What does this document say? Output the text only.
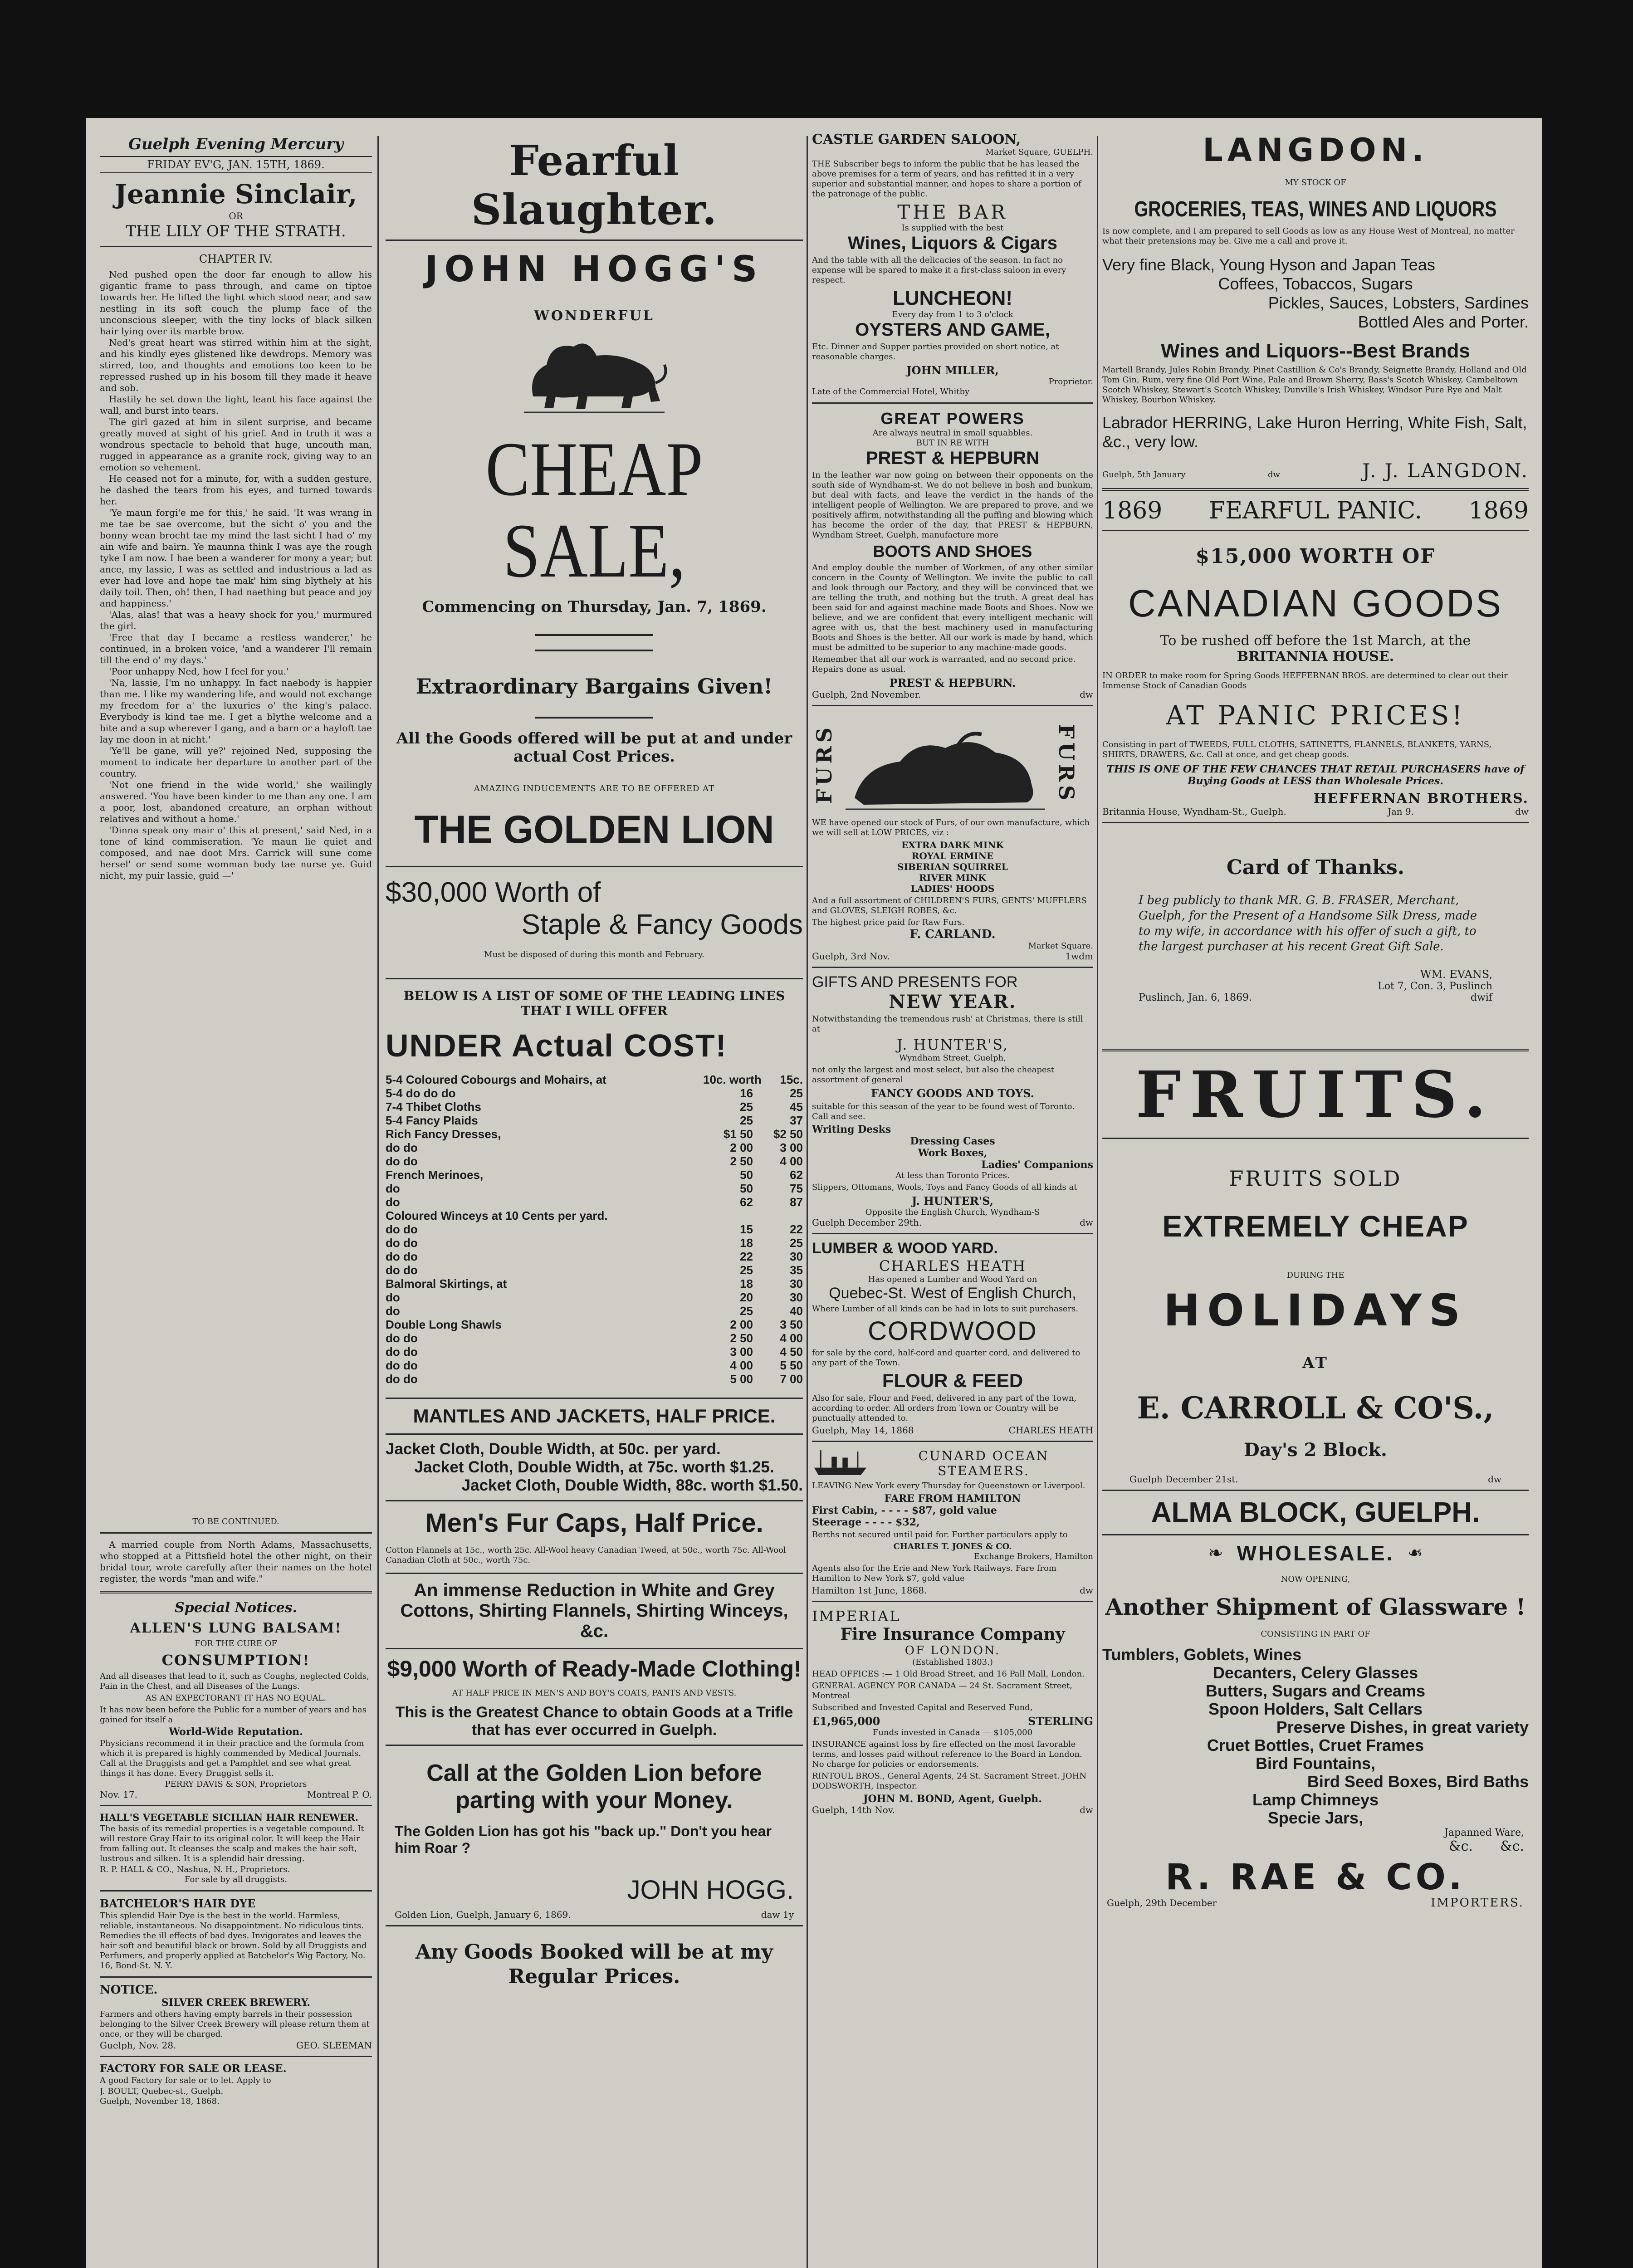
Guelph Evening Mercury
FRIDAY EV'G, JAN. 15TH, 1869.
Jeannie Sinclair,
OR
THE LILY OF THE STRATH.
CHAPTER IV.

Ned pushed open the door far enough to allow his gigantic frame to pass through, and came on tiptoe towards her. He lifted the light which stood near, and saw nestling in its soft couch the plump face of the unconscious sleeper, with the tiny locks of black silken hair lying over its marble brow.

Ned's great heart was stirred within him at the sight, and his kindly eyes glistened like dewdrops. Memory was stirred, too, and thoughts and emotions too keen to be repressed rushed up in his bosom till they made it heave and sob.

Hastily he set down the light, leant his face against the wall, and burst into tears.

The girl gazed at him in silent surprise, and became greatly moved at sight of his grief. And in truth it was a wondrous spectacle to behold that huge, uncouth man, rugged in appearance as a granite rock, giving way to an emotion so vehement.

He ceased not for a minute, for, with a sudden gesture, he dashed the tears from his eyes, and turned towards her.

'Ye maun forgi'e me for this,' he said. 'It was wrang in me tae be sae overcome, but the sicht o' you and the bonny wean brocht tae my mind the last sicht I had o' my ain wife and bairn. Ye maunna think I was aye the rough tyke I am now. I hae been a wanderer for mony a year; but ance, my lassie, I was as settled and industrious a lad as ever had love and hope tae mak' him sing blythely at his daily toil. Then, oh! then, I had naething but peace and joy and happiness.'

'Alas, alas! that was a heavy shock for you,' murmured the girl.

'Free that day I became a restless wanderer,' he continued, in a broken voice, 'and a wanderer I'll remain till the end o' my days.'

'Poor unhappy Ned, how I feel for you.'

'Na, lassie, I'm no unhappy. In fact naebody is happier than me. I like my wandering life, and would not exchange my freedom for a' the luxuries o' the king's palace. Everybody is kind tae me. I get a blythe welcome and a bite and a sup wherever I gang, and a barn or a hayloft tae lay me doon in at nicht.'

'Ye'll be gane, will ye?' rejoined Ned, supposing the moment to indicate her departure to another part of the country.

'Not one friend in the wide world,' she wailingly answered. 'You have been kinder to me than any one. I am a poor, lost, abandoned creature, an orphan without relatives and without a home.'

'Dinna speak ony mair o' this at present,' said Ned, in a tone of kind commiseration. 'Ye maun lie quiet and composed, and nae doot Mrs. Carrick will sune come hersel' or send some womman body tae nurse ye. Guid nicht, my puir lassie, guid —'

TO BE CONTINUED.

A married couple from North Adams, Massachusetts, who stopped at a Pittsfield hotel the other night, on their bridal tour, wrote carefully after their names on the hotel register, the words "man and wife."

Special Notices.
ALLEN'S LUNG BALSAM!
FOR THE CURE OF
CONSUMPTION!

And all diseases that lead to it, such as Coughs, neglected Colds, Pain in the Chest, and all Diseases of the Lungs.

AS AN EXPECTORANT IT HAS NO EQUAL.

It has now been before the Public for a number of years and has gained for itself a

World-Wide Reputation.

Physicians recommend it in their practice and the formula from which it is prepared is highly commended by Medical Journals. Call at the Druggists and get a Pamphlet and see what great things it has done. Every Druggist sells it.

PERRY DAVIS & SON, Proprietors
Nov. 17.	Montreal P. O.
HALL'S VEGETABLE SICILIAN HAIR RENEWER.

The basis of its remedial properties is a vegetable compound. It will restore Gray Hair to its original color. It will keep the Hair from falling out. It cleanses the scalp and makes the hair soft, lustrous and silken. It is a splendid hair dressing.

R. P. HALL & CO., Nashua, N. H., Proprietors.
For sale by all druggists.
BATCHELOR'S HAIR DYE

This splendid Hair Dye is the best in the world. Harmless, reliable, instantaneous. No disappointment. No ridiculous tints. Remedies the ill effects of bad dyes. Invigorates and leaves the hair soft and beautiful black or brown. Sold by all Druggists and Perfumers, and properly applied at Batchelor's Wig Factory, No. 16, Bond-St. N. Y.

NOTICE.
SILVER CREEK BREWERY.

Farmers and others having empty barrels in their possession belonging to the Silver Creek Brewery will please return them at once, or they will be charged.

Guelph, Nov. 28.	GEO. SLEEMAN
FACTORY FOR SALE OR LEASE.

A good Factory for sale or to let. Apply to

J. BOULT, Quebec-st., Guelph.
Guelph, November 18, 1868.
Fearful Slaughter.
JOHN HOGG'S
WONDERFUL
CHEAP SALE,
Commencing on Thursday, Jan. 7, 1869.
Extraordinary Bargains Given!
All the Goods offered will be put at and under actual Cost Prices.
AMAZING INDUCEMENTS ARE TO BE OFFERED AT
THE GOLDEN LION
$30,000 Worth of
Staple & Fancy Goods
Must be disposed of during this month and February.
BELOW IS A LIST OF SOME OF THE LEADING LINES THAT I WILL OFFER
UNDER Actual COST!
5-4 Coloured Cobourgs and Mohairs, at	10c. worth	15c.
5-4 do do do	16	25
7-4 Thibet Cloths	25	45
5-4 Fancy Plaids	25	37
Rich Fancy Dresses,	$1 50	$2 50
do do	2 00	3 00
do do	2 50	4 00
French Merinoes,	50	62
do	50	75
do	62	87
Coloured Winceys at 10 Cents per yard.
do do	15	22
do do	18	25
do do	22	30
do do	25	35
Balmoral Skirtings, at	18	30
do	20	30
do	25	40
Double Long Shawls	2 00	3 50
do do	2 50	4 00
do do	3 00	4 50
do do	4 00	5 50
do do	5 00	7 00
MANTLES AND JACKETS, HALF PRICE.
Jacket Cloth, Double Width, at 50c. per yard.
Jacket Cloth, Double Width, at 75c. worth $1.25.
Jacket Cloth, Double Width, 88c. worth $1.50.
Men's Fur Caps, Half Price.
Cotton Flannels at 15c., worth 25c. All-Wool heavy Canadian Tweed, at 50c., worth 75c. All-Wool Canadian Cloth at 50c., worth 75c.
An immense Reduction in White and Grey Cottons, Shirting Flannels, Shirting Winceys, &c.
$9,000 Worth of Ready-Made Clothing!
AT HALF PRICE IN MEN'S AND BOY'S COATS, PANTS AND VESTS.
This is the Greatest Chance to obtain Goods at a Trifle that has ever occurred in Guelph.
Call at the Golden Lion before parting with your Money.
The Golden Lion has got his "back up." Don't you hear him Roar ?
JOHN HOGG.
Golden Lion, Guelph, January 6, 1869.	daw 1y
Any Goods Booked will be at my Regular Prices.
CASTLE GARDEN SALOON,
Market Square, GUELPH.

THE Subscriber begs to inform the public that he has leased the above premises for a term of years, and has refitted it in a very superior and substantial manner, and hopes to share a portion of the patronage of the public.

THE BAR
Is supplied with the best
Wines, Liquors & Cigars

And the table with all the delicacies of the season. In fact no expense will be spared to make it a first-class saloon in every respect.

LUNCHEON!
Every day from 1 to 3 o'clock
OYSTERS AND GAME,

Etc. Dinner and Supper parties provided on short notice, at reasonable charges.

JOHN MILLER,
Proprietor.
Late of the Commercial Hotel, Whitby
GREAT POWERS
Are always neutral in small squabbles.
BUT IN RE WITH
PREST & HEPBURN

In the leather war now going on between their opponents on the south side of Wyndham-st. We do not believe in bosh and bunkum, but deal with facts, and leave the verdict in the hands of the intelligent people of Wellington. We are prepared to prove, and we positively affirm, notwithstanding all the puffing and blowing which has become the order of the day, that PREST & HEPBURN, Wyndham Street, Guelph, manufacture more

BOOTS AND SHOES

And employ double the number of Workmen, of any other similar concern in the County of Wellington. We invite the public to call and look through our Factory, and they will be convinced that we are telling the truth, and nothing but the truth. A great deal has been said for and against machine made Boots and Shoes. Now we believe, and we are confident that every intelligent mechanic will agree with us, that the best machinery used in manufacturing Boots and Shoes is the better. All our work is made by hand, which must be admitted to be superior to any machine-made goods.

Remember that all our work is warranted, and no second price. Repairs done as usual.

PREST & HEPBURN.
Guelph, 2nd November.	dw
FURS	FURS

WE have opened our stock of Furs, of our own manufacture, which we will sell at LOW PRICES, viz :

EXTRA DARK MINK
ROYAL ERMINE
SIBERIAN SQUIRREL
RIVER MINK
LADIES' HOODS

And a full assortment of CHILDREN'S FURS, GENTS' MUFFLERS and GLOVES, SLEIGH ROBES, &c.

The highest price paid for Raw Furs.
F. CARLAND.
Market Square.
Guelph, 3rd Nov.	1wdm
GIFTS AND PRESENTS FOR
NEW YEAR.

Notwithstanding the tremendous rush' at Christmas, there is still at

J. HUNTER'S,
Wyndham Street, Guelph,

not only the largest and most select, but also the cheapest assortment of general

FANCY GOODS AND TOYS.

suitable for this season of the year to be found west of Toronto. Call and see.

Writing Desks
Dressing Cases
Work Boxes,
Ladies' Companions
At less than Toronto Prices.

Slippers, Ottomans, Wools, Toys and Fancy Goods of all kinds at

J. HUNTER'S,
Opposite the English Church, Wyndham-S
Guelph December 29th.	dw
LUMBER & WOOD YARD.
CHARLES HEATH
Has opened a Lumber and Wood Yard on
Quebec-St. West of English Church,

Where Lumber of all kinds can be had in lots to suit purchasers.

CORDWOOD

for sale by the cord, half-cord and quarter cord, and delivered to any part of the Town.

FLOUR & FEED

Also for sale, Flour and Feed, delivered in any part of the Town, according to order. All orders from Town or Country will be punctually attended to.

Guelph, May 14, 1868	CHARLES HEATH
CUNARD OCEAN STEAMERS.

LEAVING New York every Thursday for Queenstown or Liverpool.

FARE FROM HAMILTON
First Cabin, - - - - $87, gold value
Steerage - - - - $32,

Berths not secured until paid for. Further particulars apply to

CHARLES T. JONES & CO.
Exchange Brokers, Hamilton

Agents also for the Erie and New York Railways. Fare from Hamilton to New York $7, gold value

Hamilton 1st June, 1868.	dw
IMPERIAL
Fire Insurance Company
OF LONDON.
(Established 1803.)

HEAD OFFICES :— 1 Old Broad Street, and 16 Pall Mall, London.

GENERAL AGENCY FOR CANADA — 24 St. Sacrament Street, Montreal

Subscribed and Invested Capital and Reserved Fund,

£1,965,000	STERLING
Funds invested in Canada — $105,000

INSURANCE against loss by fire effected on the most favorable terms, and losses paid without reference to the Board in London. No charge for policies or endorsements.

RINTOUL BROS., General Agents, 24 St. Sacrament Street. JOHN DODSWORTH, Inspector.

JOHN M. BOND, Agent, Guelph.
Guelph, 14th Nov.	dw
LANGDON.
MY STOCK OF
GROCERIES, TEAS, WINES AND LIQUORS

Is now complete, and I am prepared to sell Goods as low as any House West of Montreal, no matter what their pretensions may be. Give me a call and prove it.

Very fine Black, Young Hyson and Japan Teas
Coffees, Tobaccos, Sugars
Pickles, Sauces, Lobsters, Sardines
Bottled Ales and Porter.
Wines and Liquors--Best Brands

Martell Brandy, Jules Robin Brandy, Pinet Castillion & Co's Brandy, Seignette Brandy, Holland and Old Tom Gin, Rum, very fine Old Port Wine, Pale and Brown Sherry, Bass's Scotch Whiskey, Cambeltown Scotch Whiskey, Stewart's Scotch Whiskey, Dunville's Irish Whiskey, Windsor Pure Rye and Malt Whiskey, Bourbon Whiskey.

Labrador HERRING, Lake Huron Herring, White Fish, Salt, &c., very low.
Guelph, 5th January	dw	J. J. LANGDON.
1869 FEARFUL PANIC. 1869
$15,000 WORTH OF
CANADIAN GOODS
To be rushed off before the 1st March, at the
BRITANNIA HOUSE.

IN ORDER to make room for Spring Goods HEFFERNAN BROS. are determined to clear out their Immense Stock of Canadian Goods

AT PANIC PRICES!

Consisting in part of TWEEDS, FULL CLOTHS, SATINETTS, FLANNELS, BLANKETS, YARNS, SHIRTS, DRAWERS, &c. Call at once, and get cheap goods.

THIS IS ONE OF THE FEW CHANCES THAT RETAIL PURCHASERS have of Buying Goods at LESS than Wholesale Prices.

HEFFERNAN BROTHERS.
Britannia House, Wyndham-St., Guelph.	Jan 9.	dw
Card of Thanks.

I beg publicly to thank MR. G. B. FRASER, Merchant, Guelph, for the Present of a Handsome Silk Dress, made to my wife, in accordance with his offer of such a gift, to the largest purchaser at his recent Great Gift Sale.

WM. EVANS,
Lot 7, Con. 3, Puslinch
Puslinch, Jan. 6, 1869.	dwif
FRUITS.
FRUITS SOLD
EXTREMELY CHEAP
DURING THE
HOLIDAYS
AT
E. CARROLL & CO'S.,
Day's 2 Block.
Guelph December 21st.	dw
ALMA BLOCK, GUELPH.
❧ WHOLESALE. ❧
NOW OPENING,
Another Shipment of Glassware !
CONSISTING IN PART OF
Tumblers, Goblets, Wines
Decanters, Celery Glasses
Butters, Sugars and Creams
Spoon Holders, Salt Cellars
Preserve Dishes, in great variety
Cruet Bottles, Cruet Frames
Bird Fountains,
Bird Seed Boxes, Bird Baths
Lamp Chimneys
Specie Jars,
Japanned Ware,
&c. &c.
R. RAE & CO.
Guelph, 29th December	IMPORTERS.
